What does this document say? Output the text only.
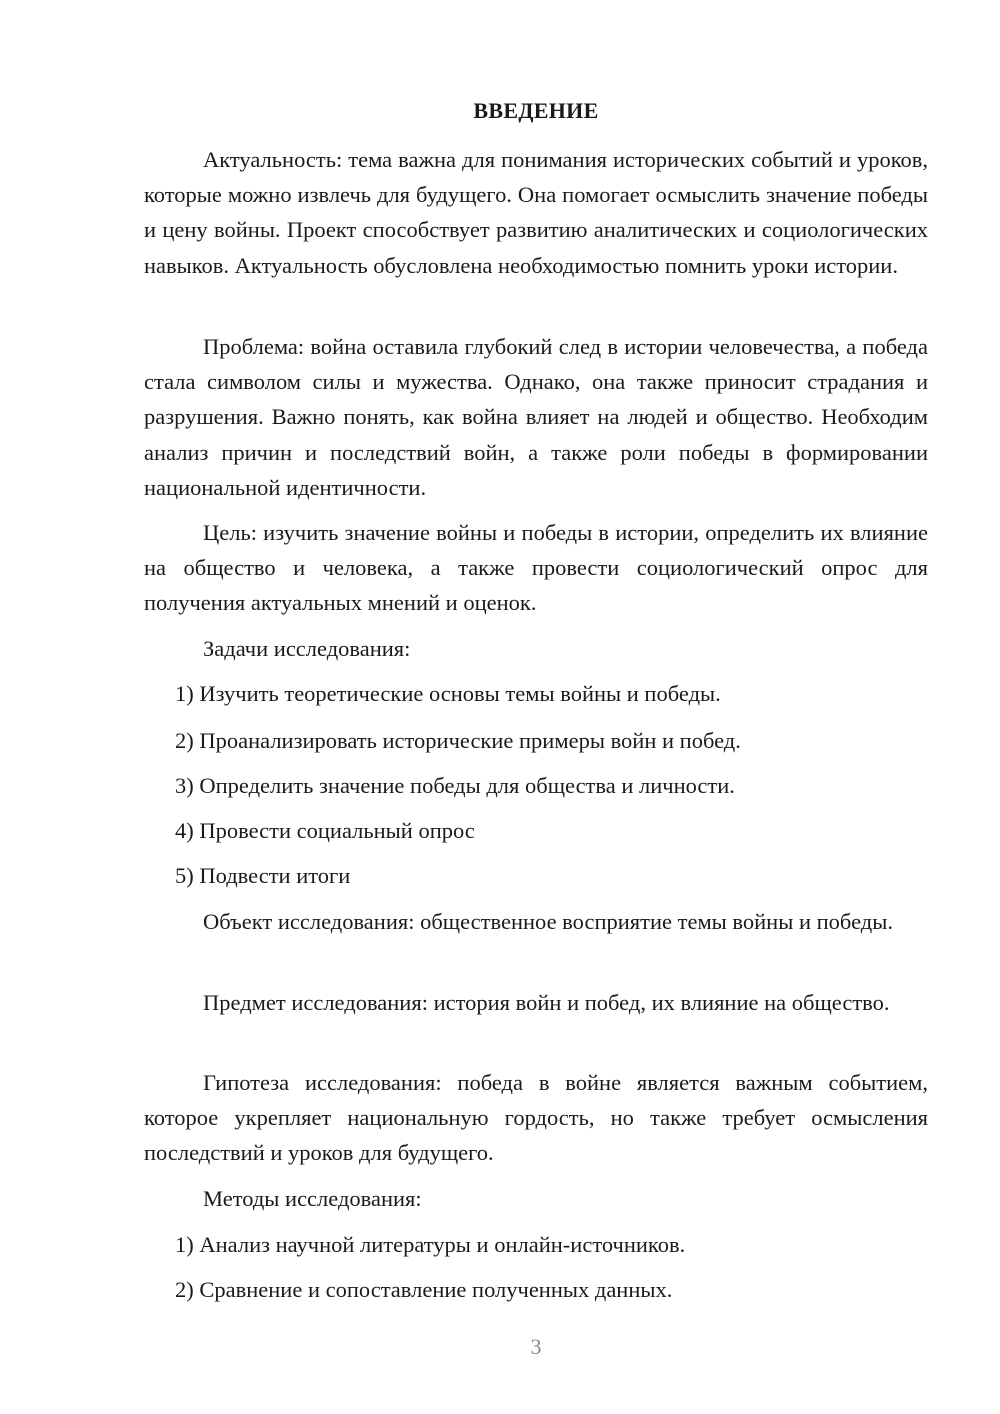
ВВЕДЕНИЕ

Актуальность: тема важна для понимания исторических событий и уроков, которые можно извлечь для будущего. Она помогает осмыслить значение победы и цену войны. Проект способствует развитию аналитических и социологических навыков. Актуальность обусловлена необходимостью помнить уроки истории.

Проблема: война оставила глубокий след в истории человечества, а победа стала символом силы и мужества. Однако, она также приносит страдания и разрушения. Важно понять, как война влияет на людей и общество. Необходим анализ причин и последствий войн, а также роли победы в формировании национальной идентичности.

Цель: изучить значение войны и победы в истории, определить их влияние на общество и человека, а также провести социологический опрос для получения актуальных мнений и оценок.

Задачи исследования:

1) Изучить теоретические основы темы войны и победы.

2) Проанализировать исторические примеры войн и побед.

3) Определить значение победы для общества и личности.

4) Провести социальный опрос

5) Подвести итоги

Объект исследования: общественное восприятие темы войны и победы.

Предмет исследования: история войн и побед, их влияние на общество.

Гипотеза исследования: победа в войне является важным событием, которое укрепляет национальную гордость, но также требует осмысления последствий и уроков для будущего.

Методы исследования:

1) Анализ научной литературы и онлайн-источников.

2) Сравнение и сопоставление полученных данных.

3
